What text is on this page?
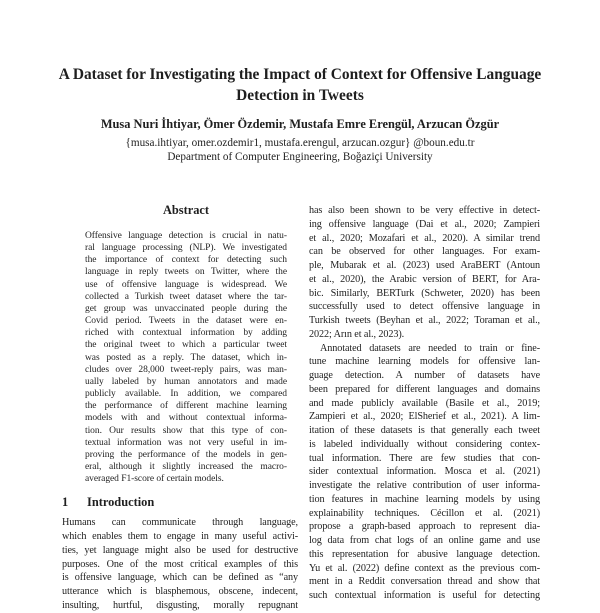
A Dataset for Investigating the Impact of Context for Offensive Language
Detection in Tweets
Musa Nuri İhtiyar, Ömer Özdemir, Mustafa Emre Erengül, Arzucan Özgür
{musa.ihtiyar, omer.ozdemir1, mustafa.erengul, arzucan.ozgur} @boun.edu.tr
Department of Computer Engineering, Boğaziçi University
Abstract
Offensive language detection is crucial in natu-
ral language processing (NLP). We investigated
the importance of context for detecting such
language in reply tweets on Twitter, where the
use of offensive language is widespread. We
collected a Turkish tweet dataset where the tar-
get group was unvaccinated people during the
Covid period. Tweets in the dataset were en-
riched with contextual information by adding
the original tweet to which a particular tweet
was posted as a reply. The dataset, which in-
cludes over 28,000 tweet-reply pairs, was man-
ually labeled by human annotators and made
publicly available. In addition, we compared
the performance of different machine learning
models with and without contextual informa-
tion. Our results show that this type of con-
textual information was not very useful in im-
proving the performance of the models in gen-
eral, although it slightly increased the macro-
averaged F1-score of certain models.
1 Introduction
Humans can communicate through language,
which enables them to engage in many useful activi-
ties, yet language might also be used for destructive
purposes. One of the most critical examples of this
is offensive language, which can be defined as “any
utterance which is blasphemous, obscene, indecent,
insulting, hurtful, disgusting, morally repugnant
has also been shown to be very effective in detect-
ing offensive language (Dai et al., 2020; Zampieri
et al., 2020; Mozafari et al., 2020). A similar trend
can be observed for other languages. For exam-
ple, Mubarak et al. (2023) used AraBERT (Antoun
et al., 2020), the Arabic version of BERT, for Ara-
bic. Similarly, BERTurk (Schweter, 2020) has been
successfully used to detect offensive language in
Turkish tweets (Beyhan et al., 2022; Toraman et al.,
2022; Arın et al., 2023).
Annotated datasets are needed to train or fine-
tune machine learning models for offensive lan-
guage detection. A number of datasets have
been prepared for different languages and domains
and made publicly available (Basile et al., 2019;
Zampieri et al., 2020; ElSherief et al., 2021). A lim-
itation of these datasets is that generally each tweet
is labeled individually without considering contex-
tual information. There are few studies that con-
sider contextual information. Mosca et al. (2021)
investigate the relative contribution of user informa-
tion features in machine learning models by using
explainability techniques. Cécillon et al. (2021)
propose a graph-based approach to represent dia-
log data from chat logs of an online game and use
this representation for abusive language detection.
Yu et al. (2022) define context as the previous com-
ment in a Reddit conversation thread and show that
such contextual information is useful for detecting
